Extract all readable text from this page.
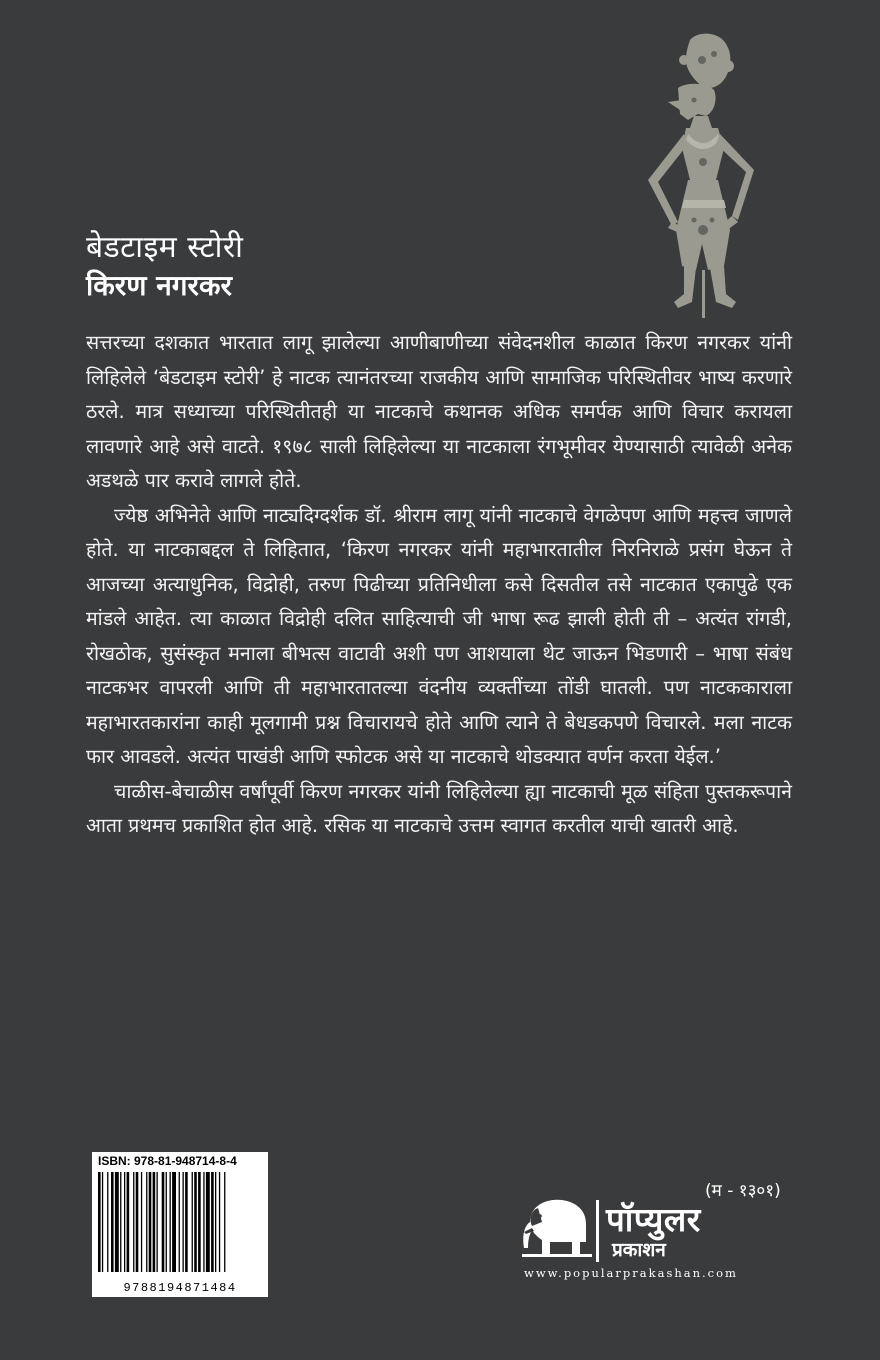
बेडटाइम स्टोरी
किरण नगरकर

सत्तरच्या दशकात भारतात लागू झालेल्या आणीबाणीच्या संवेदनशील काळात किरण नगरकर यांनी लिहिलेले ‘बेडटाइम स्टोरी’ हे नाटक त्यानंतरच्या राजकीय आणि सामाजिक परिस्थितीवर भाष्य करणारे ठरले. मात्र सध्याच्या परिस्थितीतही या नाटकाचे कथानक अधिक समर्पक आणि विचार करायला लावणारे आहे असे वाटते. १९७८ साली लिहिलेल्या या नाटकाला रंगभूमीवर येण्यासाठी त्यावेळी अनेक अडथळे पार करावे लागले होते.

ज्येष्ठ अभिनेते आणि नाट्यदिग्दर्शक डॉ. श्रीराम लागू यांनी नाटकाचे वेगळेपण आणि महत्त्व जाणले होते. या नाटकाबद्दल ते लिहितात, ‘किरण नगरकर यांनी महाभारतातील निरनिराळे प्रसंग घेऊन ते आजच्या अत्याधुनिक, विद्रोही, तरुण पिढीच्या प्रतिनिधीला कसे दिसतील तसे नाटकात एकापुढे एक मांडले आहेत. त्या काळात विद्रोही दलित साहित्याची जी भाषा रूढ झाली होती ती – अत्यंत रांगडी, रोखठोक, सुसंस्कृत मनाला बीभत्स वाटावी अशी पण आशयाला थेट जाऊन भिडणारी – भाषा संबंध नाटकभर वापरली आणि ती महाभारतातल्या वंदनीय व्यक्तींच्या तोंडी घातली. पण नाटककाराला महाभारतकारांना काही मूलगामी प्रश्न विचारायचे होते आणि त्याने ते बेधडकपणे विचारले. मला नाटक फार आवडले. अत्यंत पाखंडी आणि स्फोटक असे या नाटकाचे थोडक्यात वर्णन करता येईल.’

चाळीस-बेचाळीस वर्षांपूर्वी किरण नगरकर यांनी लिहिलेल्या ह्या नाटकाची मूळ संहिता पुस्तकरूपाने आता प्रथमच प्रकाशित होत आहे. रसिक या नाटकाचे उत्तम स्वागत करतील याची खातरी आहे.

ISBN: 978-81-948714-8-4
9788194871484
(म - १३०१)
पॉप्युलर
प्रकाशन
www.popularprakashan.com
